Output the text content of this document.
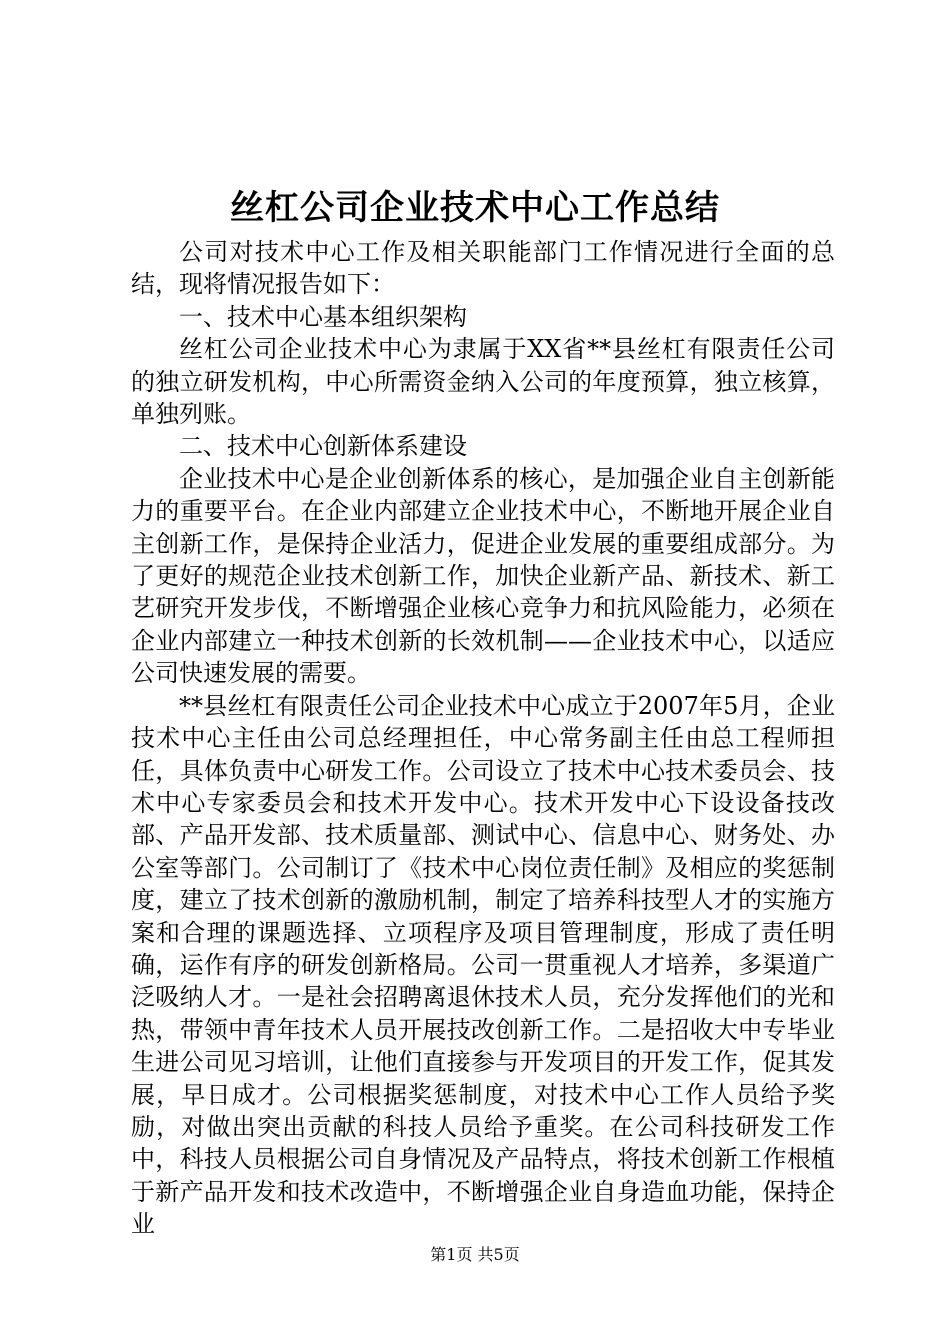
丝杠公司企业技术中心工作总结

公司对技术中心工作及相关职能部门工作情况进行全面的总结，现将情况报告如下：

一、技术中心基本组织架构

丝杠公司企业技术中心为隶属于XX省**县丝杠有限责任公司的独立研发机构，中心所需资金纳入公司的年度预算，独立核算，单独列账。

二、技术中心创新体系建设

企业技术中心是企业创新体系的核心，是加强企业自主创新能力的重要平台。在企业内部建立企业技术中心，不断地开展企业自主创新工作，是保持企业活力，促进企业发展的重要组成部分。为了更好的规范企业技术创新工作，加快企业新产品、新技术、新工艺研究开发步伐，不断增强企业核心竞争力和抗风险能力，必须在企业内部建立一种技术创新的长效机制——企业技术中心，以适应公司快速发展的需要。

**县丝杠有限责任公司企业技术中心成立于2007年5月，企业技术中心主任由公司总经理担任，中心常务副主任由总工程师担任，具体负责中心研发工作。公司设立了技术中心技术委员会、技术中心专家委员会和技术开发中心。技术开发中心下设设备技改部、产品开发部、技术质量部、测试中心、信息中心、财务处、办公室等部门。公司制订了《技术中心岗位责任制》及相应的奖惩制度，建立了技术创新的激励机制，制定了培养科技型人才的实施方案和合理的课题选择、立项程序及项目管理制度，形成了责任明确，运作有序的研发创新格局。公司一贯重视人才培养，多渠道广泛吸纳人才。一是社会招聘离退休技术人员，充分发挥他们的光和热，带领中青年技术人员开展技改创新工作。二是招收大中专毕业生进公司见习培训，让他们直接参与开发项目的开发工作，促其发展，早日成才。公司根据奖惩制度，对技术中心工作人员给予奖励，对做出突出贡献的科技人员给予重奖。在公司科技研发工作中，科技人员根据公司自身情况及产品特点，将技术创新工作根植于新产品开发和技术改造中，不断增强企业自身造血功能，保持企业

第1页 共5页
